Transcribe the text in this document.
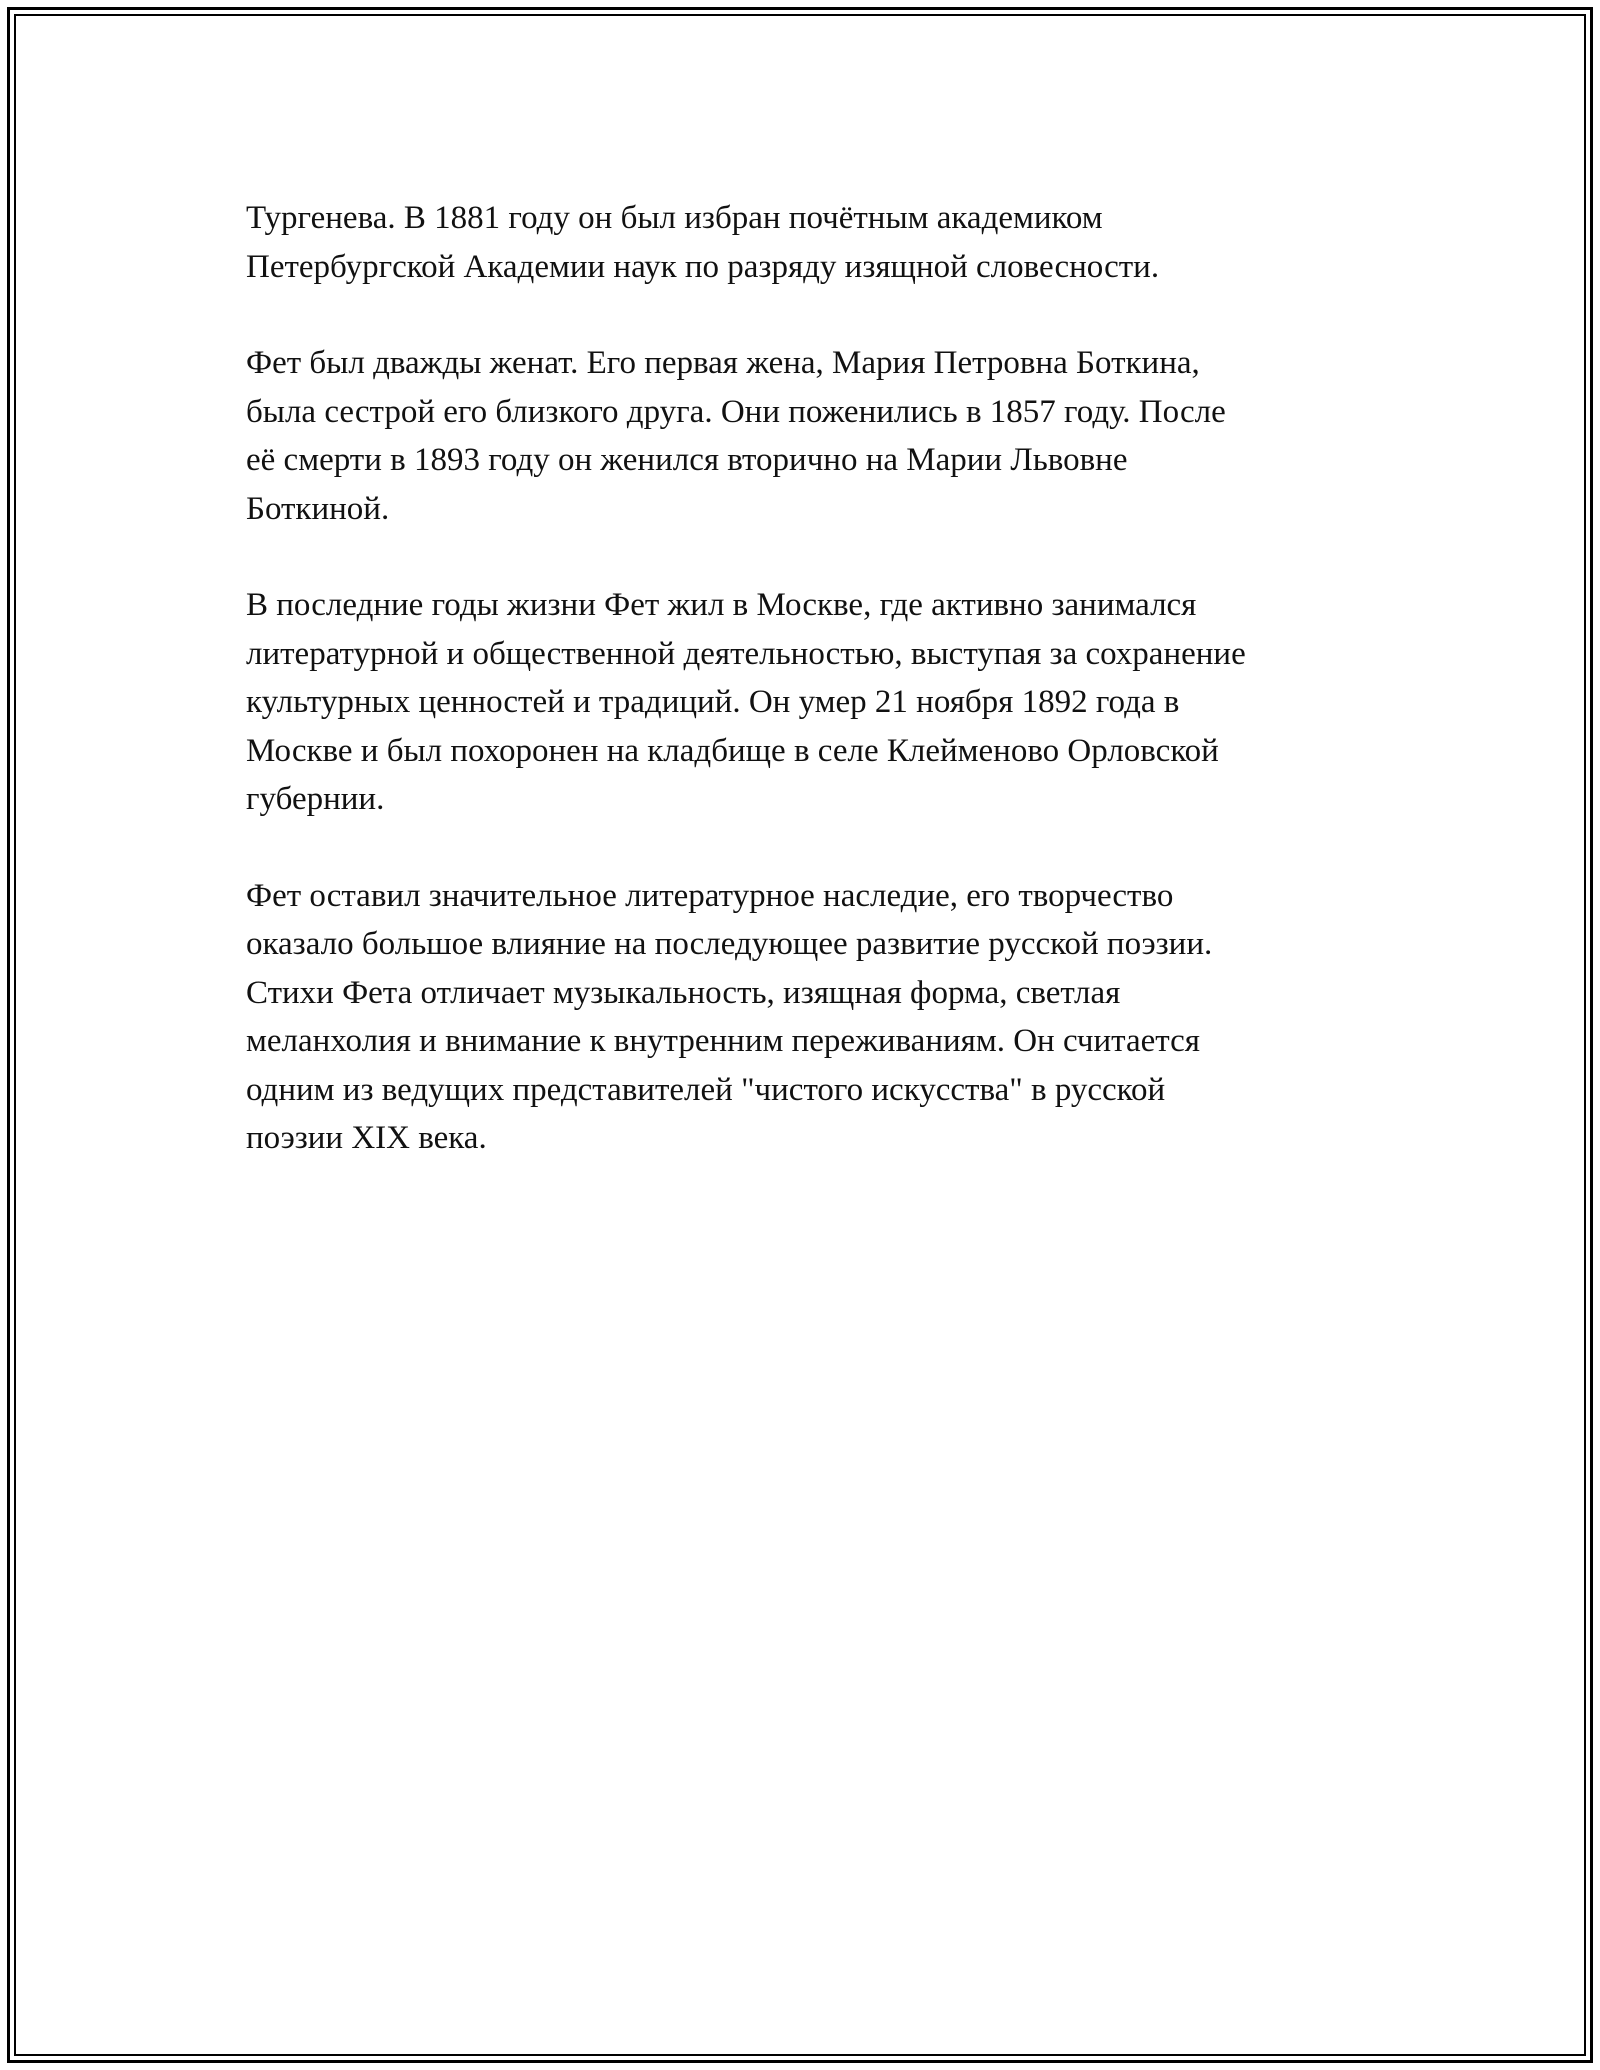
Тургенева. В 1881 году он был избран почётным академиком
Петербургской Академии наук по разряду изящной словесности.

Фет был дважды женат. Его первая жена, Мария Петровна Боткина,
была сестрой его близкого друга. Они поженились в 1857 году. После
её смерти в 1893 году он женился вторично на Марии Львовне
Боткиной.

В последние годы жизни Фет жил в Москве, где активно занимался
литературной и общественной деятельностью, выступая за сохранение
культурных ценностей и традиций. Он умер 21 ноября 1892 года в
Москве и был похоронен на кладбище в селе Клейменово Орловской
губернии.

Фет оставил значительное литературное наследие, его творчество
оказало большое влияние на последующее развитие русской поэзии.
Стихи Фета отличает музыкальность, изящная форма, светлая
меланхолия и внимание к внутренним переживаниям. Он считается
одним из ведущих представителей "чистого искусства" в русской
поэзии XIX века.
